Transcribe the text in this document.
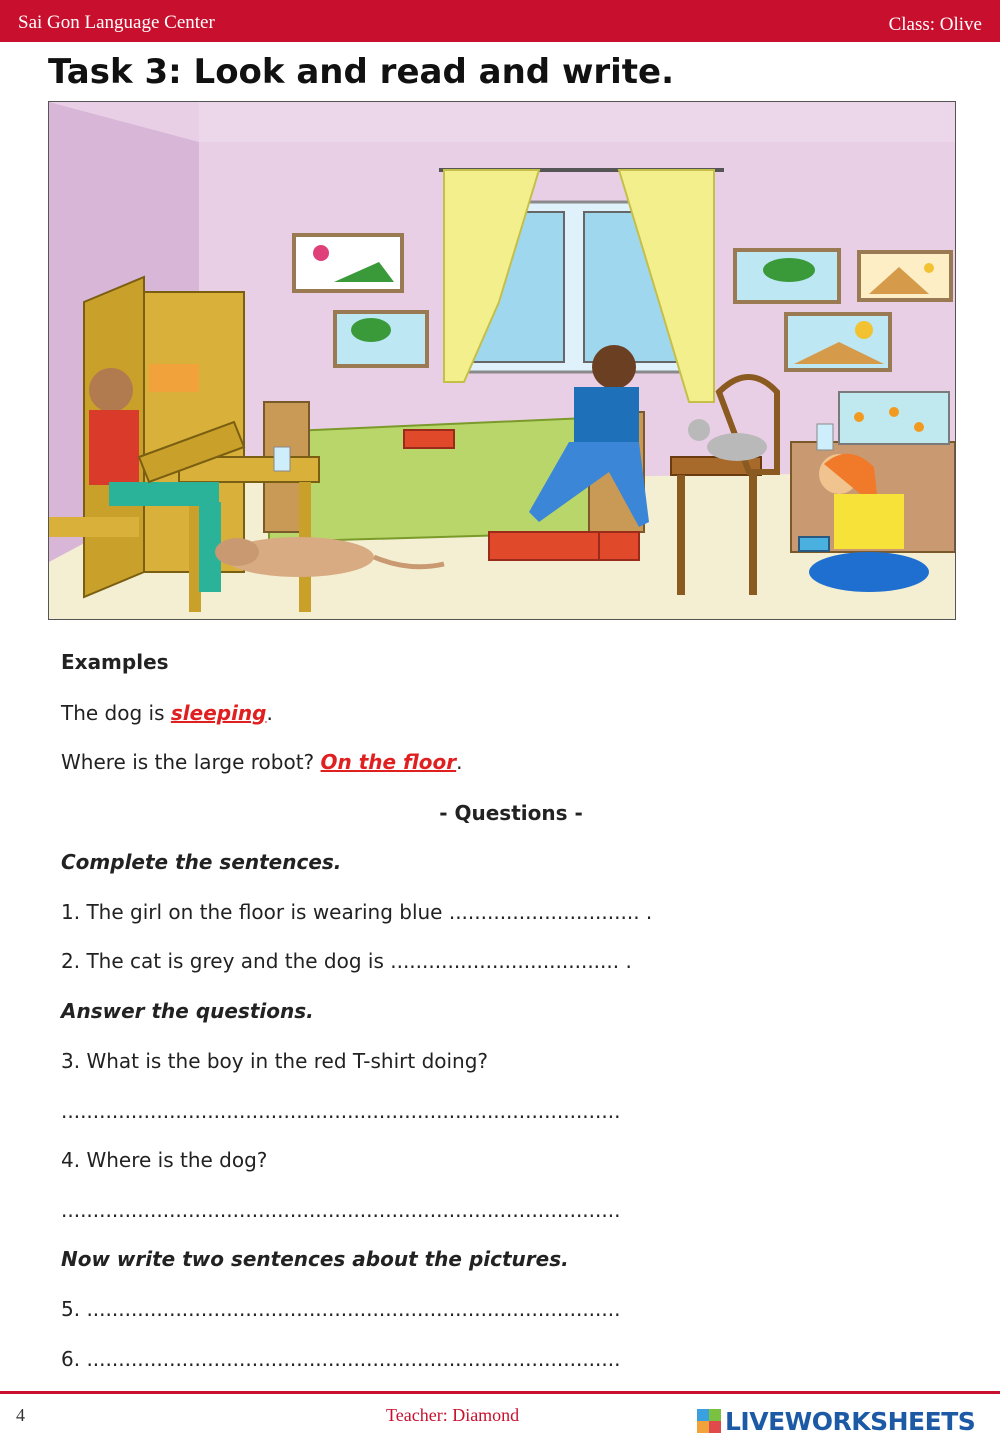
Sai Gon Language Center	Class: Olive
Task 3: Look and read and write.
Examples
The dog is sleeping.
Where is the large robot? On the floor.
- Questions -
Complete the sentences.
1. The girl on the floor is wearing blue .............................. .
2. The cat is grey and the dog is .................................... .
Answer the questions.
3. What is the boy in the red T-shirt doing?
........................................................................................
4. Where is the dog?
........................................................................................
Now write two sentences about the pictures.
5. ....................................................................................
6. ....................................................................................
4	Teacher: Diamond	LIVEWORKSHEETS
